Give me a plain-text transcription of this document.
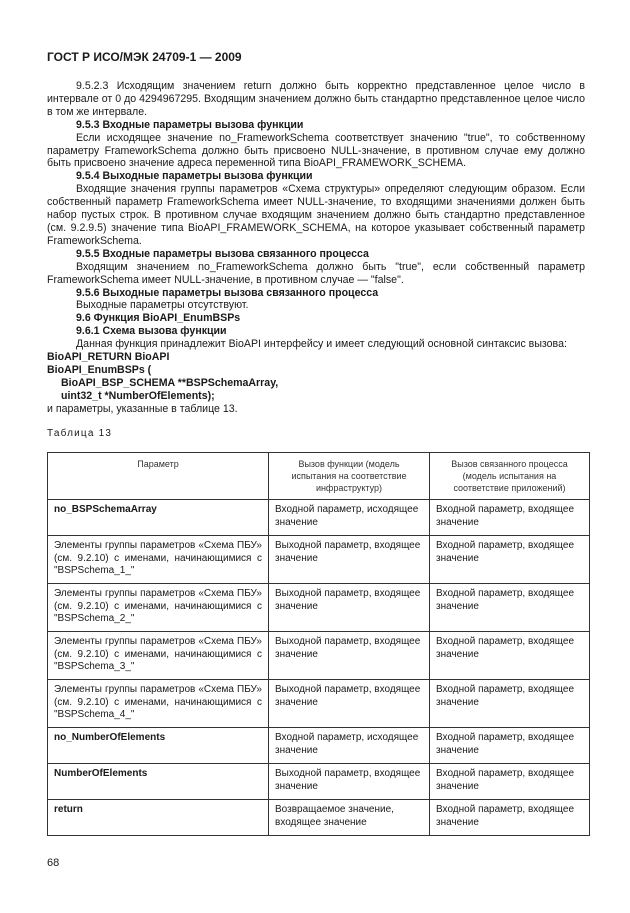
ГОСТ Р ИСО/МЭК 24709-1 — 2009

9.5.2.3 Исходящим значением return должно быть корректно представленное целое число в интервале от 0 до 4294967295. Входящим значением должно быть стандартно представленное целое число в том же интервале.

9.5.3 Входные параметры вызова функции

Если исходящее значение no_FrameworkSchema соответствует значению "true", то собственному параметру FrameworkSchema должно быть присвоено NULL-значение, в противном случае ему должно быть присвоено значение адреса переменной типа BioAPI_FRAMEWORK_SCHEMA.

9.5.4 Выходные параметры вызова функции

Входящие значения группы параметров «Схема структуры» определяют следующим образом. Если собственный параметр FrameworkSchema имеет NULL-значение, то входящими значениями должен быть набор пустых строк. В противном случае входящим значением должно быть стандартно представленное (см. 9.2.9.5) значение типа BioAPI_FRAMEWORK_SCHEMA, на которое указывает собственный параметр FrameworkSchema.

9.5.5 Входные параметры вызова связанного процесса

Входящим значением no_FrameworkSchema должно быть "true", если собственный параметр FrameworkSchema имеет NULL-значение, в противном случае — "false".

9.5.6 Выходные параметры вызова связанного процесса

Выходные параметры отсутствуют.

9.6 Функция BioAPI_EnumBSPs

9.6.1 Схема вызова функции

Данная функция принадлежит BioAPI интерфейсу и имеет следующий основной синтаксис вызова:

BioAPI_RETURN BioAPI

BioAPI_EnumBSPs (

BioAPI_BSP_SCHEMA **BSPSchemaArray,

uint32_t *NumberOfElements);

и параметры, указанные в таблице 13.

Таблица 13

Параметр	Вызов функции (модель испытания на соответствие инфраструктур)	Вызов связанного процесса (модель испытания на соответствие приложений)
no_BSPSchemaArray	Входной параметр, исходящее значение	Входной параметр, входящее значение
Элементы группы параметров «Схема ПБУ» (см. 9.2.10) с именами, начинающимися с "BSPSchema_1_"	Выходной параметр, входящее значение	Входной параметр, входящее значение
Элементы группы параметров «Схема ПБУ» (см. 9.2.10) с именами, начинающимися с "BSPSchema_2_"	Выходной параметр, входящее значение	Входной параметр, входящее значение
Элементы группы параметров «Схема ПБУ» (см. 9.2.10) с именами, начинающимися с "BSPSchema_3_"	Выходной параметр, входящее значение	Входной параметр, входящее значение
Элементы группы параметров «Схема ПБУ» (см. 9.2.10) с именами, начинающимися с "BSPSchema_4_"	Выходной параметр, входящее значение	Входной параметр, входящее значение
no_NumberOfElements	Входной параметр, исходящее значение	Входной параметр, входящее значение
NumberOfElements	Выходной параметр, входящее значение	Входной параметр, входящее значение
return	Возвращаемое значение, входящее значение	Входной параметр, входящее значение
68
